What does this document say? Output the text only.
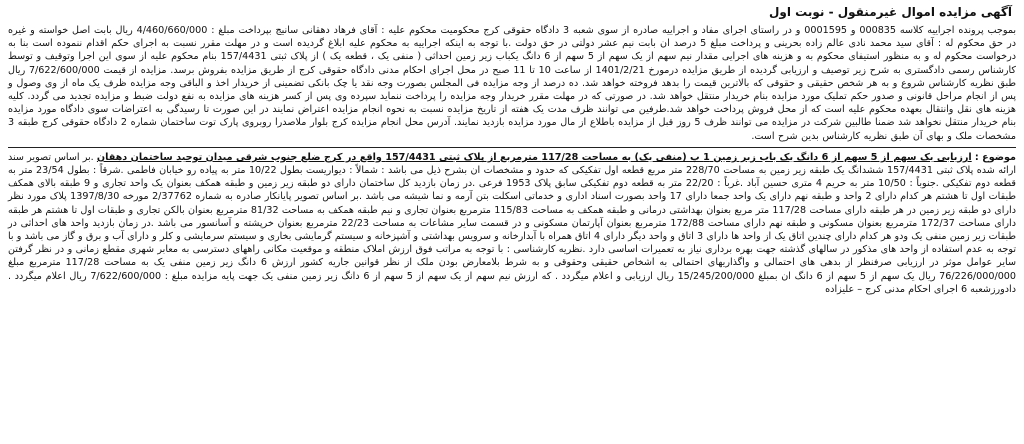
آگهی مزایده اموال غیرمنقول - نوبت اول

بموجب پرونده اجراییه کلاسه 000835 و 0001595 و در راستای اجرای مفاد و اجراییه صادره از سوی شعبه 3 دادگاه حقوقی کرج محکومیت محکوم علیه : آقای فرهاد دهقانی سانیج بپرداخت مبلغ : 4/460/660/000 ریال بابت اصل خواسته و غیره در حق محکوم له : آقای سید محمد نادی عالم زاده بحرینی و پرداخت مبلغ 5 درصد ان بابت نیم عشر دولتی در حق دولت .با توجه به اینکه اجراییه به محکوم علیه ابلاغ گردیده است و در مهلت مقرر نسبت به اجرای حکم اقدام ننموده است بنا به درخواست محکوم له و به منظور استیفای محکوم به و هزینه های اجرایی مقدار نیم سهم از یک سهم از 5 سهم از 6 دانگ یکباب زیر زمین احداثی ( منفی یک ، قطعه یک ) از پلاک ثبتی 157/4431 بنام محکوم علیه از سوی این اجرا وتوقیف و توسط کارشناس رسمی دادگستری به شرح زیر توصیف و ارزیابی گردیده از طریق مزایده درمورخ 1401/2/21 از ساعت 10 تا 11 صبح در محل اجرای احکام مدنی دادگاه حقوقی کرج از طریق مزایده بفروش برسد. مزایده از قیمت 7/622/600/000 ریال طبق نظریه کارشناس شروع و به هر شخص حقیقی و حقوقی که بالاترین قیمت را بدهد فروخته خواهد شد. ده درصد از وجه مزایده فی المجلس بصورت وجه نقد یا چک بانکی تضمینی از خریدار اخذ و الباقی وجه مزایده ظرف یک ماه از وی وصول و پس از انجام مراحل قانونی و صدور حکم تملیک مورد مزایده بنام خریدار منتقل خواهد شد. در صورتی که در مهلت مقرر خریدار وجه مزایده را پرداخت ننماید سپرده وی پس از کسر هزینه های مزایده به نفع دولت ضبط و مزایده تجدید می گردد. کلیه هزینه های نقل وانتقال بعهده محکوم علیه است که از محل فروش پرداخت خواهد شد.طرفین می توانند ظرف مدت یک هفته از تاریخ مزایده نسبت به نحوه انجام مزایده اعتراض نمایند در این صورت تا رسیدگی به اعتراضات سوی دادگاه مورد مزایده بنام خریدار منتقل نخواهد شد ضمنا طالبین شرکت در مزایده می توانند ظرف 5 روز قبل از مزایده باطلاع از مال مورد مزایده بازدید نمایند. آدرس محل انجام مزایده کرج بلوار ملاصدرا روبروی پارک توت ساختمان شماره 2 دادگاه حقوقی کرج طبقه 3 مشخصات ملک و بهای آن طبق نظریه کارشناس بدین شرح است.

موضوع : ارزیابی یک سهم از 5 سهم از 6 دانگ یک باب زیر زمین 1 پ (منفی یک) به مساحت 117/28 مترمربع از پلاک ثبتی 157/4431 واقع در کرج ضلع جنوب شرقی میدان توحید ساختمان دهقان .بر اساس تصویر سند ارائه شده پلاک ثبتی 157/4431 ششدانگ یک طبقه زیر زمین به مساحت 228/70 متر مربع قطعه اول تفکیکی که حدود و مشخصات ان بشرح ذیل می باشد : شمالاً : دیواریست بطول 10/22 متر به پیاده رو خیابان فاطمی .شرقاً : بطول 23/54 متر به قطعه دوم تفکیکی .جنوباً : 10/50 متر به حریم 4 مترى حسین آباد .غرباً : 22/20 متر به قطعه دوم تفکیکی سابق پلاک 1953 فرعی .در زمان بازدید کل ساختمان دارای دو طبقه زیر زمین و طبقه همکف بعنوان یک واحد تجاری و 9 طبقه بالای همکف طبقات اول تا هشتم هر کدام دارای 2 واحد و طبقه نهم دارای یک واحد جمعا دارای 17 واحد بصورت اسناد اداری و خدماتی اسکلت بتن آرمه و نما شیشه می باشد .بر اساس تصویر پایانکار صادره به شماره 2/37762 مورخه 1397/8/30 پلاک مورد نظر دارای دو طبقه زیر زمین در هر طبقه دارای مساحت 117/28 متر مربع بعنوان بهداشتی درمانی و طبقه همکف به مساحت 115/83 مترمربع بعنوان تجاری و نیم طبقه همکف به مساحت 81/32 مترمربع بعنوان بالکن تجاری و طبقات اول تا هشتم هر طبقه دارای مساحت 172/37 مترمربع بعنوان مسکونی و طبقه نهم دارای مساحت 172/88 مترمربع بعنوان آپارتمان مسکونی و در قسمت سایر مشاعات به مساحت 22/23 مترمربع بعنوان خرپشته و آسانسور می باشد .در زمان بازدید واحد های احداثی در طبقات زیر زمین منفی یک ودو هر کدام دارای چندین اتاق یک از واحد ها دارای 3 اتاق و واحد دیگر دارای 4 اتاق همراه با آبدارخانه و سرویس بهداشتی و آشپزخانه و سیستم گرمایشی بخاری و سیستم سرمایشی و کلر و دارای آب و برق و گاز می باشد و با توجه به عدم استفاده از واحد های مذکور در سالهای گذشته جهت بهره برداری نیاز به تعمیرات اساسی دارد .نظریه کارشناسی : با توجه به مراتب فوق ارزش املاک منطقه و موقعیت مکانی راههای دسترسی به معابر شهری مقطع زمانی و در نظر گرفتن سایر عوامل موثر در ارزیابی صرفنظر از بدهی های احتمالی و واگذاریهای احتمالی به اشخاص حقیقی وحقوقی و به شرط بلامعارض بودن ملک از نظر قوانین جاریه کشور ارزش 6 دانگ زیر زمین منفی یک به مساحت 117/28 مترمربع مبلغ 76/226/000/000 ریال یک سهم از 5 سهم از 6 دانگ ان بمبلغ 15/245/200/000 ریال ارزیابی و اعلام میگردد . که ارزش نیم سهم از یک سهم از 5 سهم از 6 دانگ زیر زمین منفی یک جهت پایه مزایده مبلغ : 7/622/600/000 ریال اعلام میگردد . دادورزشعبه 6 اجرای احکام مدنی کرج – علیزاده
